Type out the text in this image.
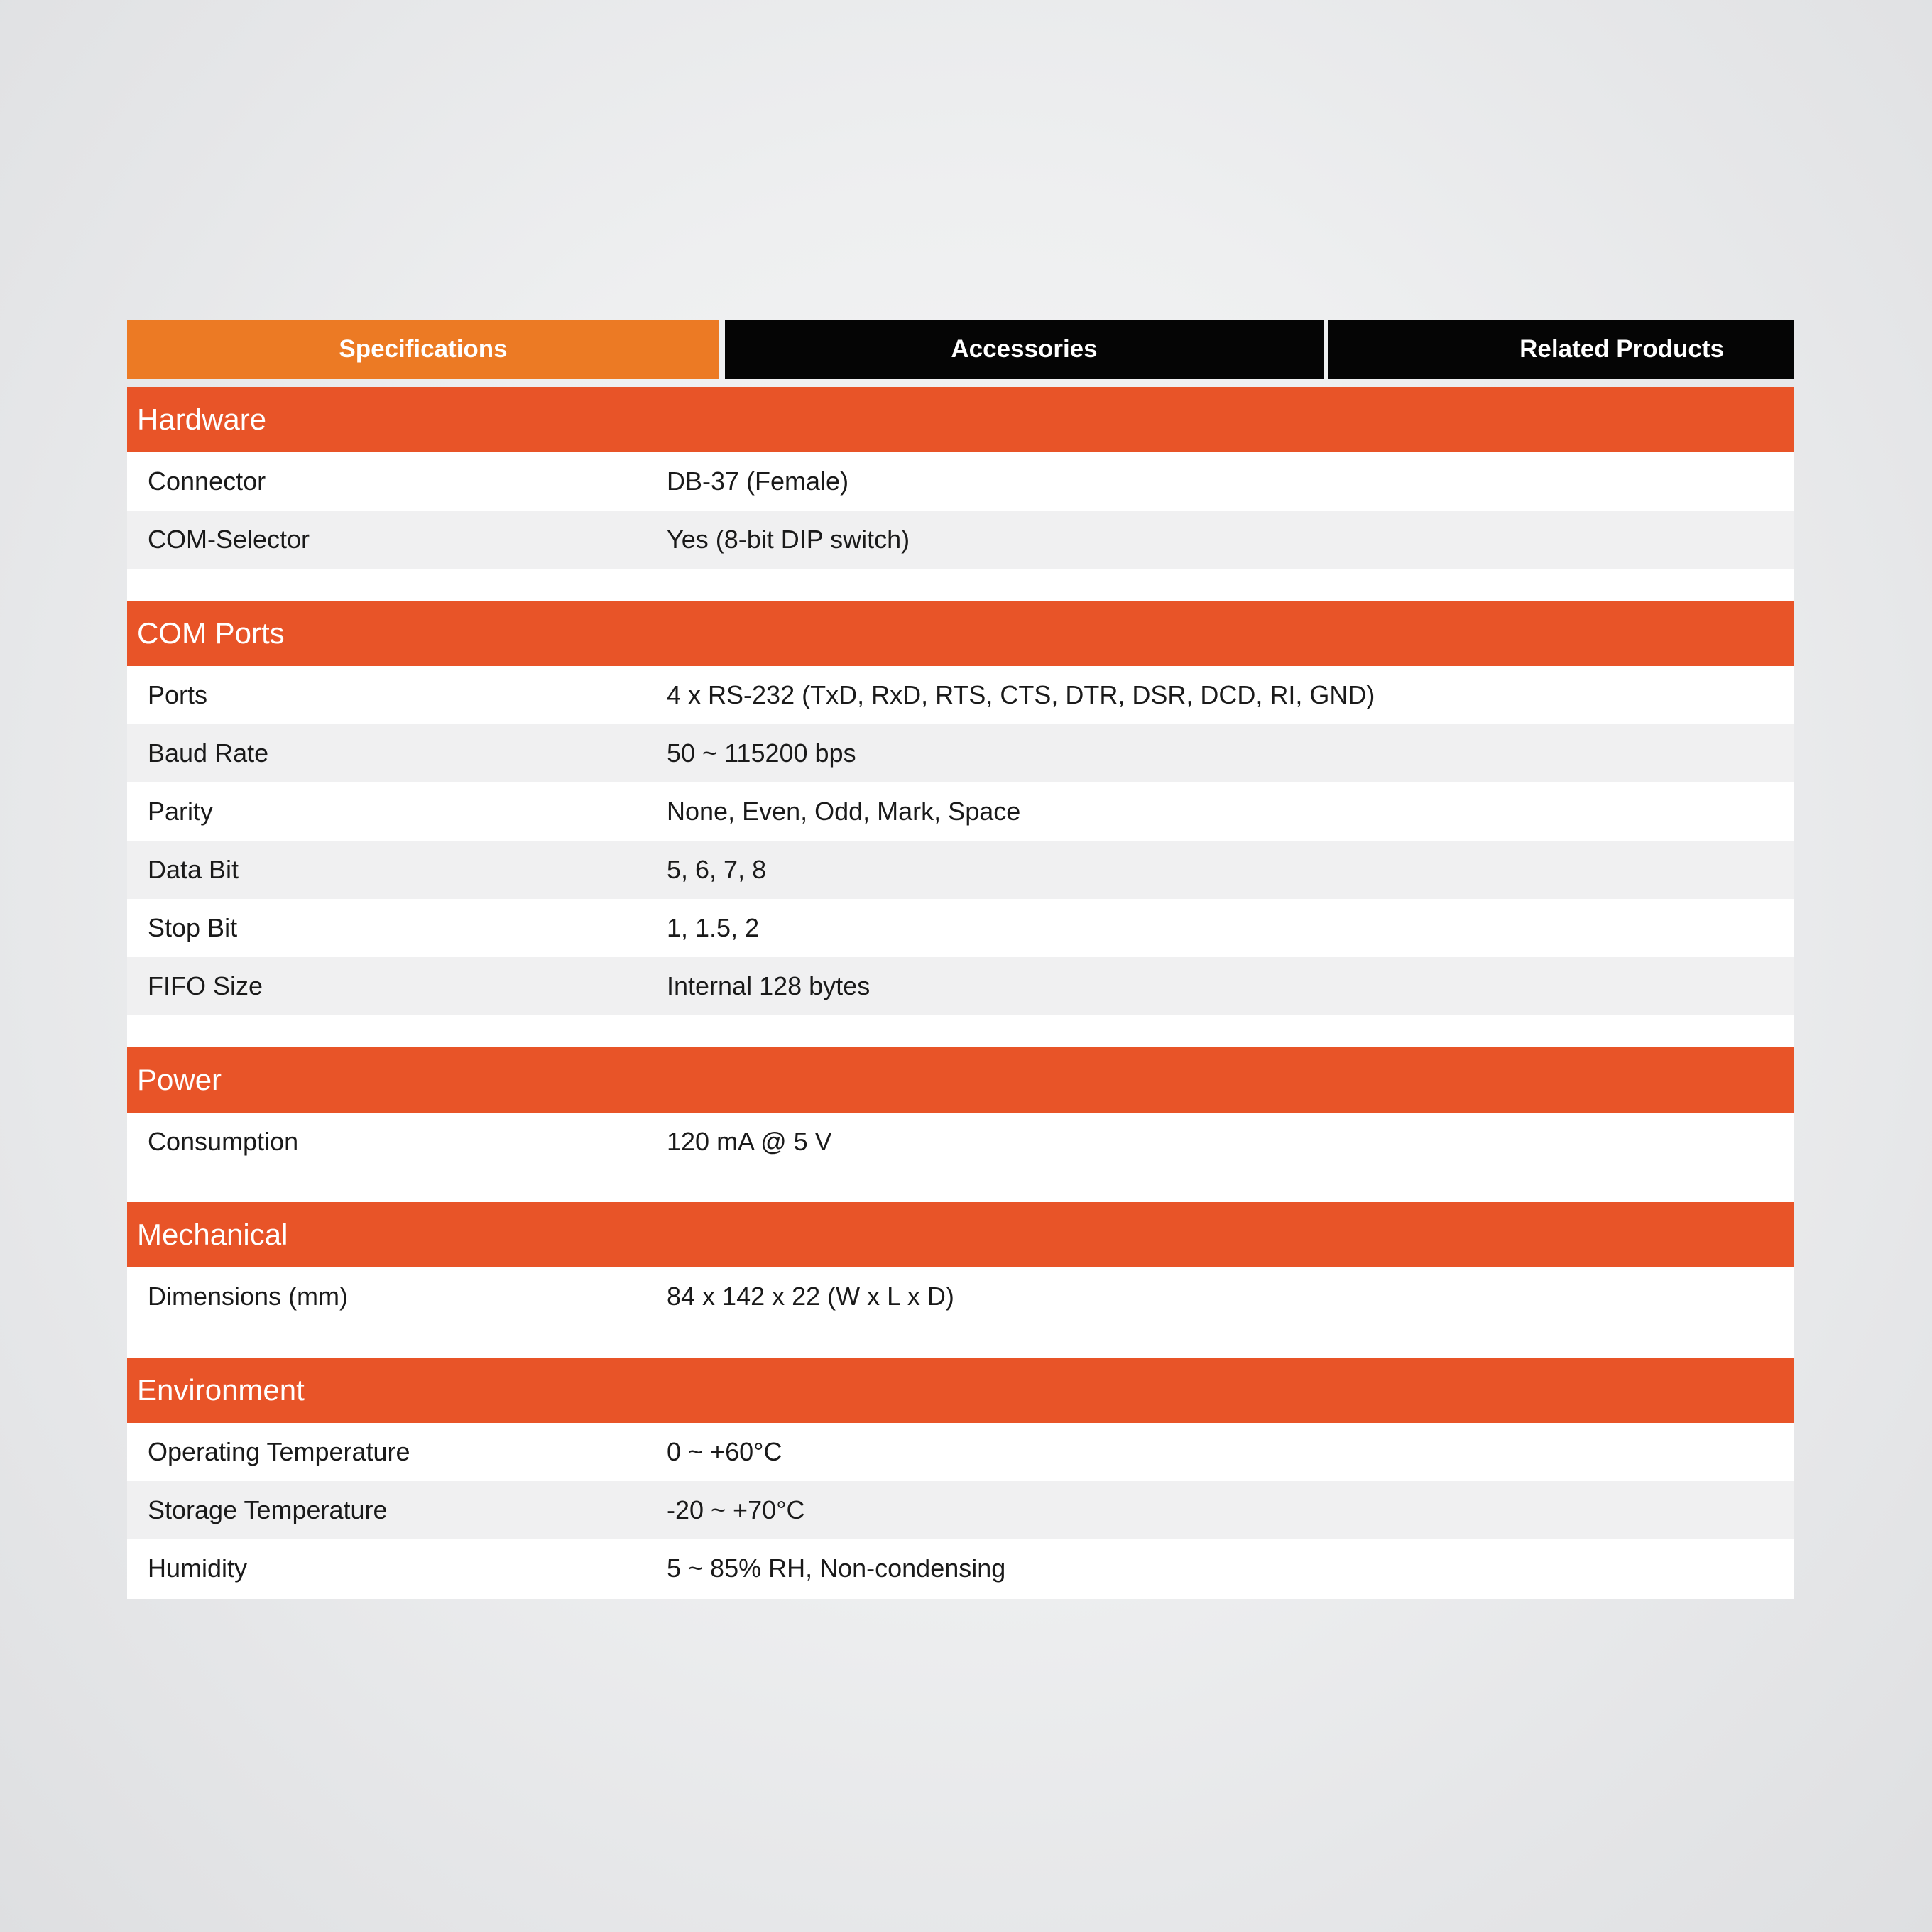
Specifications	Accessories	Related Products
Hardware
Connector	DB-37 (Female)
COM-Selector	Yes (8-bit DIP switch)
COM Ports
Ports	4 x RS-232 (TxD, RxD, RTS, CTS, DTR, DSR, DCD, RI, GND)
Baud Rate	50 ~ 115200 bps
Parity	None, Even, Odd, Mark, Space
Data Bit	5, 6, 7, 8
Stop Bit	1, 1.5, 2
FIFO Size	Internal 128 bytes
Power
Consumption	120 mA @ 5 V
Mechanical
Dimensions (mm)	84 x 142 x 22 (W x L x D)
Environment
Operating Temperature	0 ~ +60°C
Storage Temperature	-20 ~ +70°C
Humidity	5 ~ 85% RH, Non-condensing
